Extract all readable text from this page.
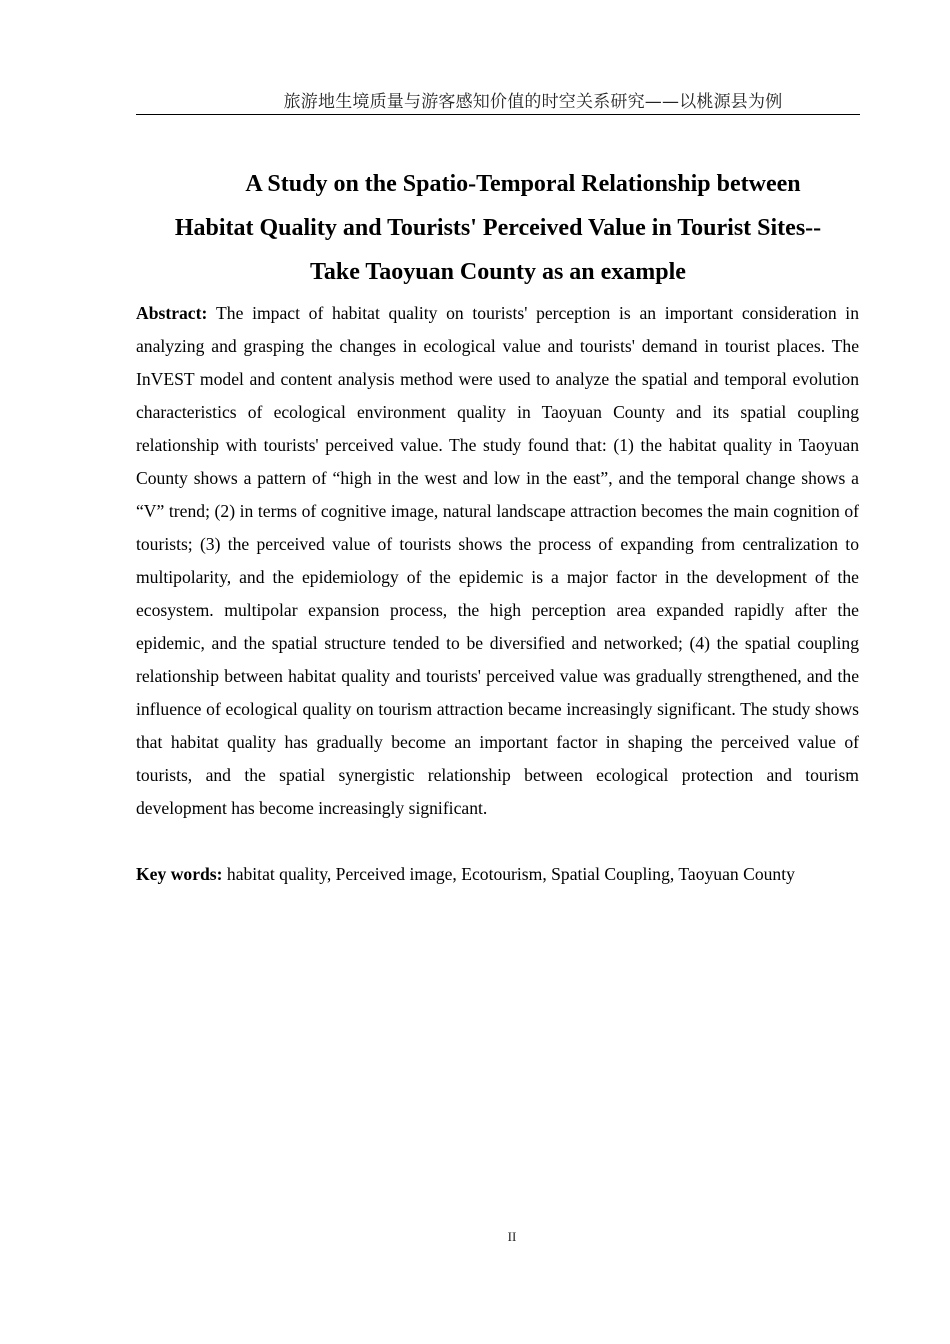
旅游地生境质量与游客感知价值的时空关系研究——以桃源县为例
A Study on the Spatio-Temporal Relationship between
Habitat Quality and Tourists' Perceived Value in Tourist Sites--
Take Taoyuan County as an example
Abstract: The impact of habitat quality on tourists' perception is an important consideration in analyzing and grasping the changes in ecological value and tourists' demand in tourist places. The InVEST model and content analysis method were used to analyze the spatial and temporal evolution characteristics of ecological environment quality in Taoyuan County and its spatial coupling relationship with tourists' perceived value. The study found that: (1) the habitat quality in Taoyuan County shows a pattern of “high in the west and low in the east”, and the temporal change shows a “V” trend; (2) in terms of cognitive image, natural landscape attraction becomes the main cognition of tourists; (3) the perceived value of tourists shows the process of expanding from centralization to multipolarity, and the epidemiology of the epidemic is a major factor in the development of the ecosystem. multipolar expansion process, the high perception area expanded rapidly after the epidemic, and the spatial structure tended to be diversified and networked; (4) the spatial coupling relationship between habitat quality and tourists' perceived value was gradually strengthened, and the influence of ecological quality on tourism attraction became increasingly significant. The study shows that habitat quality has gradually become an important factor in shaping the perceived value of tourists, and the spatial synergistic relationship between ecological protection and tourism development has become increasingly significant.
Key words: habitat quality, Perceived image, Ecotourism, Spatial Coupling, Taoyuan County
II
